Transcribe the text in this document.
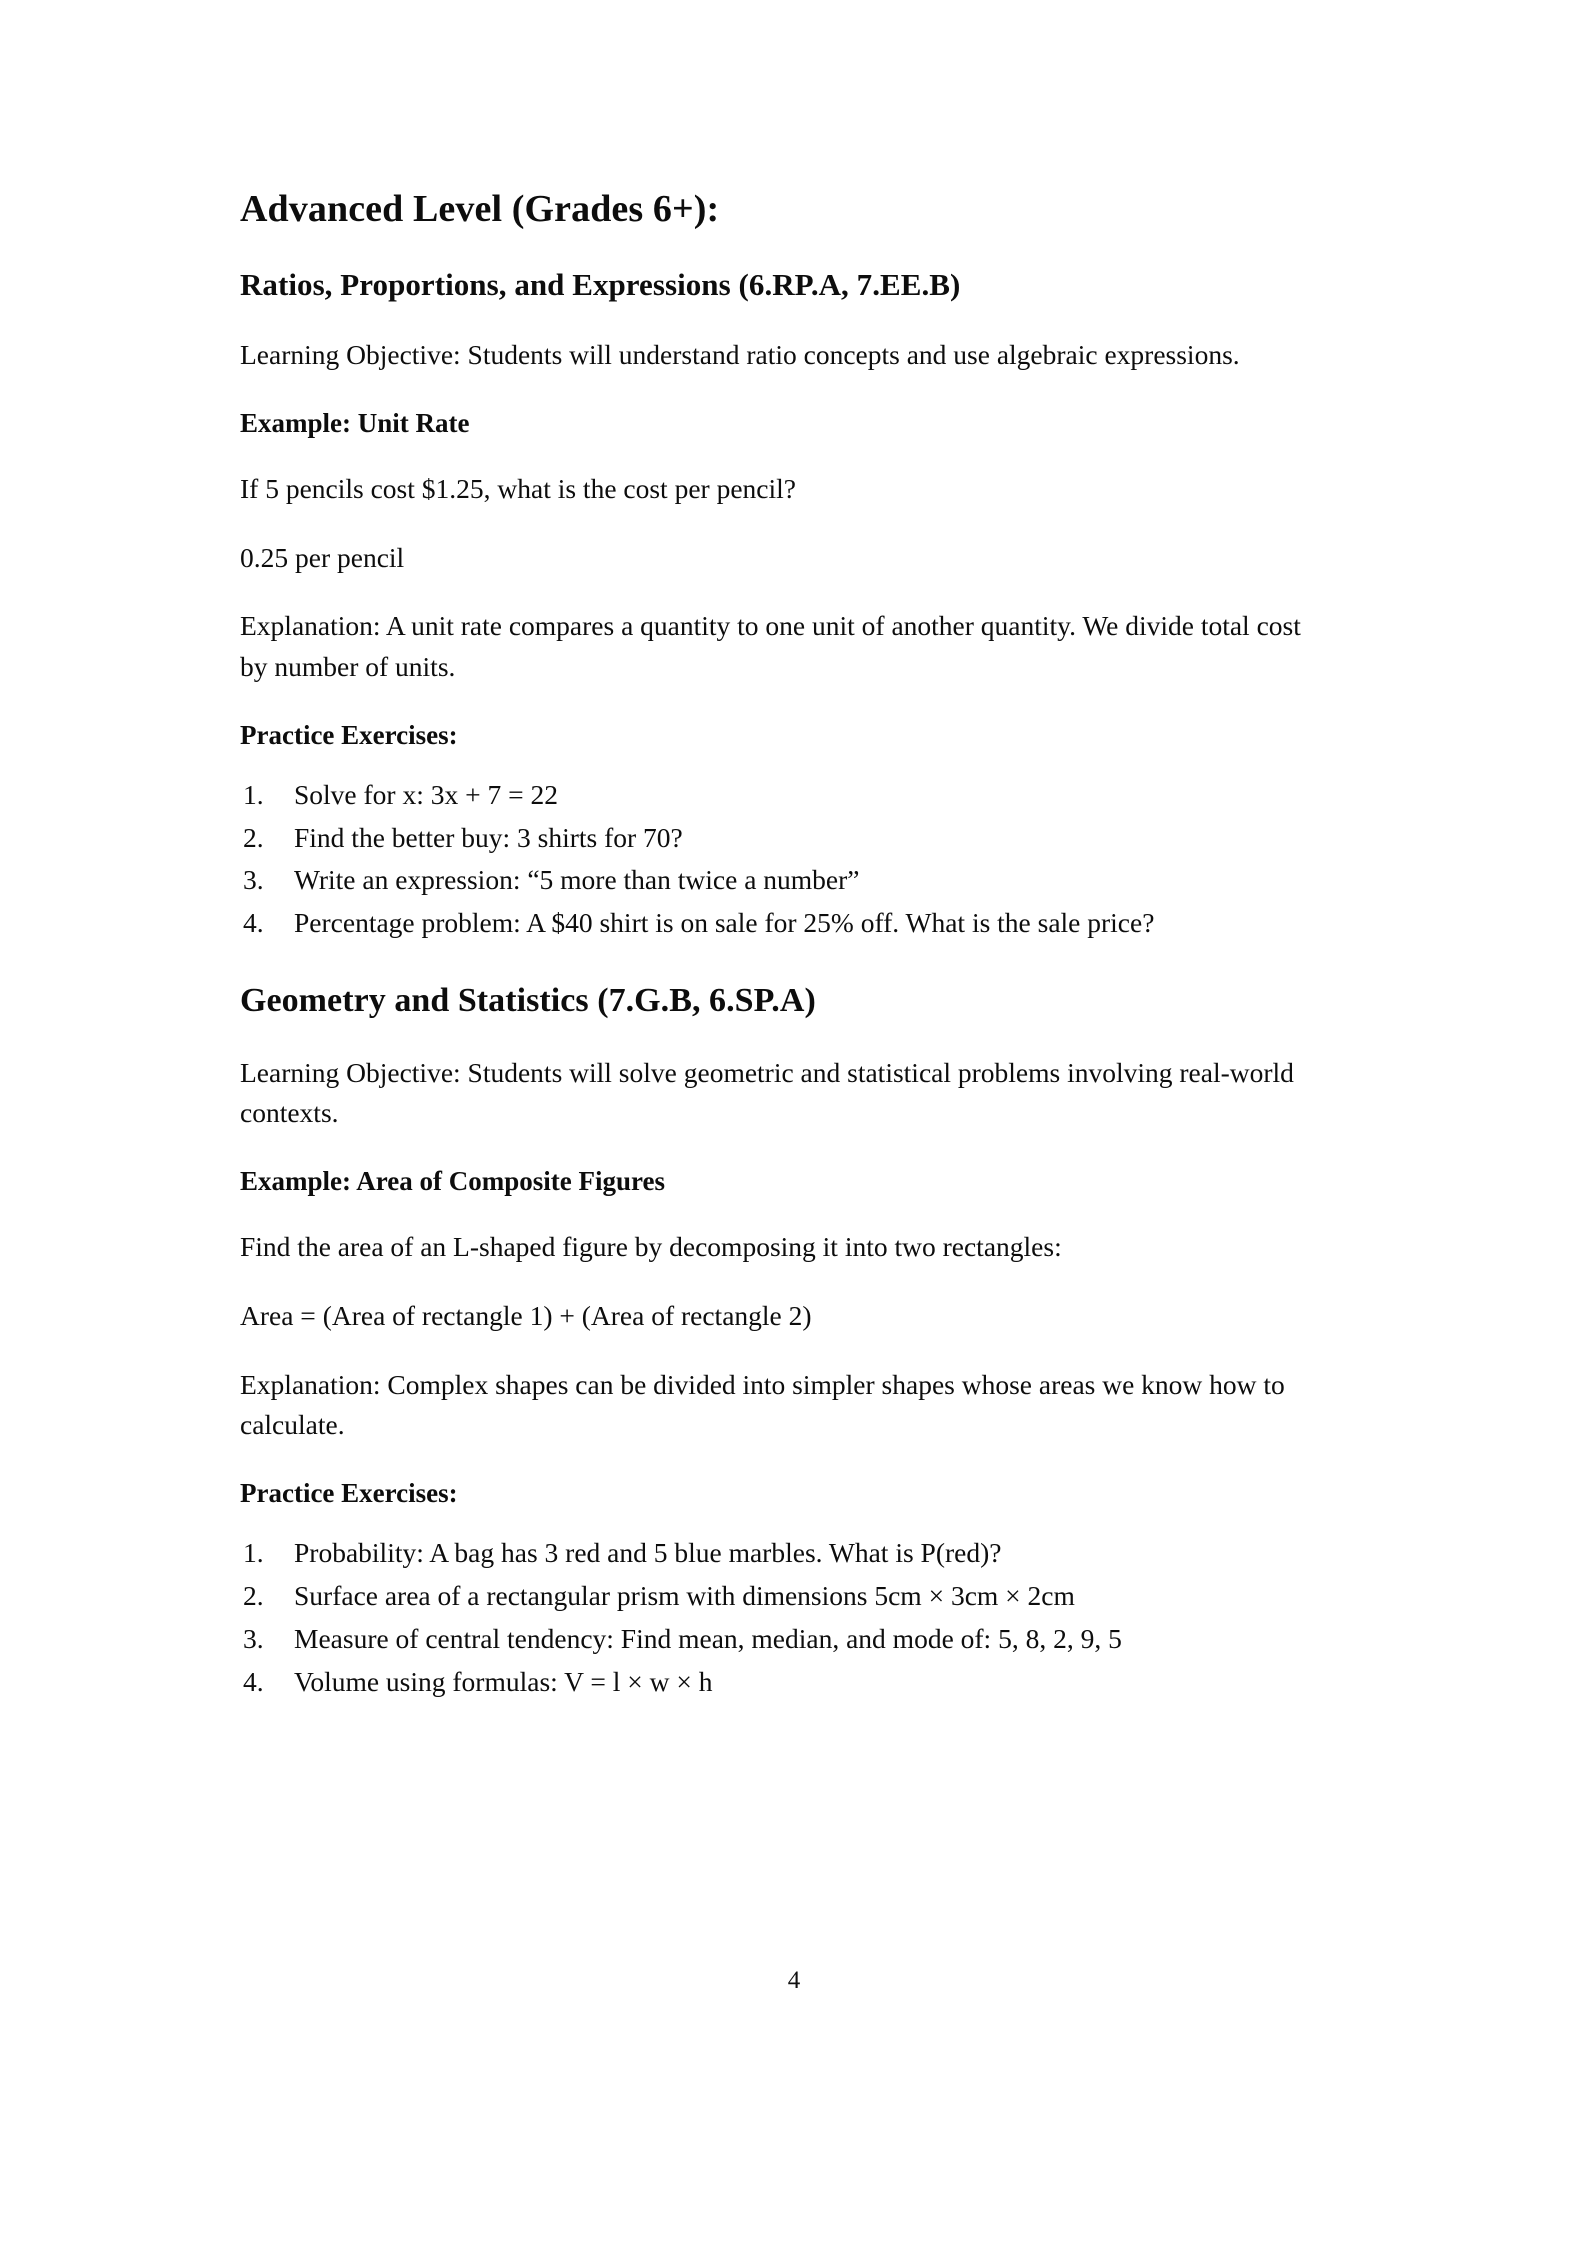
Advanced Level (Grades 6+):
Ratios, Proportions, and Expressions (6.RP.A, 7.EE.B)

Learning Objective: Students will understand ratio concepts and use algebraic expressions.

Example: Unit Rate

If 5 pencils cost $1.25, what is the cost per pencil?

0.25 per pencil

Explanation: A unit rate compares a quantity to one unit of another quantity. We divide total cost by number of units.

Practice Exercises:
Solve for x: 3x + 7 = 22
Find the better buy: 3 shirts for 70?
Write an expression: “5 more than twice a number”
Percentage problem: A $40 shirt is on sale for 25% off. What is the sale price?
Geometry and Statistics (7.G.B, 6.SP.A)

Learning Objective: Students will solve geometric and statistical problems involving real-world contexts.

Example: Area of Composite Figures

Find the area of an L-shaped figure by decomposing it into two rectangles:

Area = (Area of rectangle 1) + (Area of rectangle 2)

Explanation: Complex shapes can be divided into simpler shapes whose areas we know how to calculate.

Practice Exercises:
Probability: A bag has 3 red and 5 blue marbles. What is P(red)?
Surface area of a rectangular prism with dimensions 5cm × 3cm × 2cm
Measure of central tendency: Find mean, median, and mode of: 5, 8, 2, 9, 5
Volume using formulas: V = l × w × h
4
